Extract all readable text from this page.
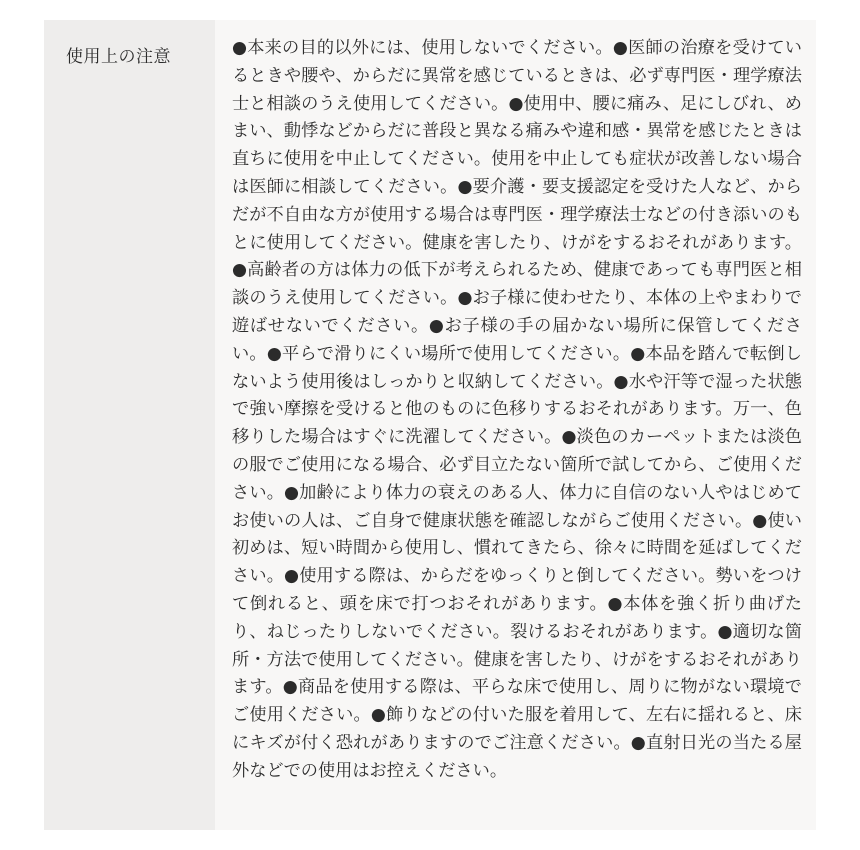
使用上の注意	●本来の目的以外には、使用しないでください。●医師の治療を受けているときや腰や、からだに異常を感じているときは、必ず専門医・理学療法士と相談のうえ使用してください。●使用中、腰に痛み、足にしびれ、めまい、動悸などからだに普段と異なる痛みや違和感・異常を感じたときは直ちに使用を中止してください。使用を中止しても症状が改善しない場合は医師に相談してください。●要介護・要支援認定を受けた人など、からだが不自由な方が使用する場合は専門医・理学療法士などの付き添いのもとに使用してください。健康を害したり、けがをするおそれがあります。●高齢者の方は体力の低下が考えられるため、健康であっても専門医と相談のうえ使用してください。●お子様に使わせたり、本体の上やまわりで遊ばせないでください。●お子様の手の届かない場所に保管してください。●平らで滑りにくい場所で使用してください。●本品を踏んで転倒しないよう使用後はしっかりと収納してください。●水や汗等で湿った状態で強い摩擦を受けると他のものに色移りするおそれがあります。万一、色移りした場合はすぐに洗濯してください。●淡色のカーペットまたは淡色の服でご使用になる場合、必ず目立たない箇所で試してから、ご使用ください。●加齢により体力の衰えのある人、体力に自信のない人やはじめてお使いの人は、ご自身で健康状態を確認しながらご使用ください。●使い初めは、短い時間から使用し、慣れてきたら、徐々に時間を延ばしてください。●使用する際は、からだをゆっくりと倒してください。勢いをつけて倒れると、頭を床で打つおそれがあります。●本体を強く折り曲げたり、ねじったりしないでください。裂けるおそれがあります。●適切な箇所・方法で使用してください。健康を害したり、けがをするおそれがあります。●商品を使用する際は、平らな床で使用し、周りに物がない環境でご使用ください。●飾りなどの付いた服を着用して、左右に揺れると、床にキズが付く恐れがありますのでご注意ください。●直射日光の当たる屋外などでの使用はお控えください。
